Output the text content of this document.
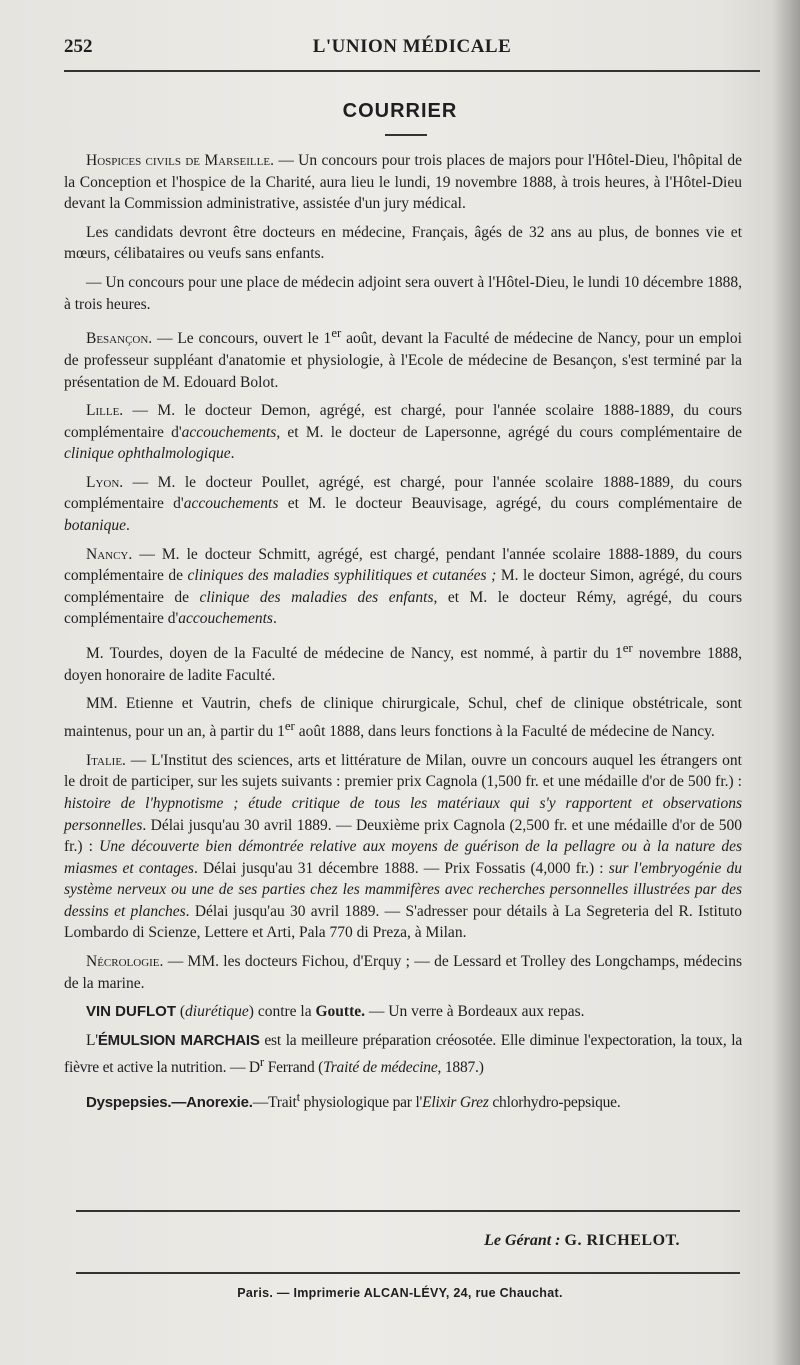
252	L'UNION MÉDICALE
COURRIER

Hospices civils de Marseille. — Un concours pour trois places de majors pour l'Hôtel-Dieu, l'hôpital de la Conception et l'hospice de la Charité, aura lieu le lundi, 19 novembre 1888, à trois heures, à l'Hôtel-Dieu devant la Commission administrative, assistée d'un jury médical.

Les candidats devront être docteurs en médecine, Français, âgés de 32 ans au plus, de bonnes vie et mœurs, célibataires ou veufs sans enfants.

— Un concours pour une place de médecin adjoint sera ouvert à l'Hôtel-Dieu, le lundi 10 décembre 1888, à trois heures.

Besançon. — Le concours, ouvert le 1er août, devant la Faculté de médecine de Nancy, pour un emploi de professeur suppléant d'anatomie et physiologie, à l'Ecole de médecine de Besançon, s'est terminé par la présentation de M. Edouard Bolot.

Lille. — M. le docteur Demon, agrégé, est chargé, pour l'année scolaire 1888-1889, du cours complémentaire d'accouchements, et M. le docteur de Lapersonne, agrégé du cours complémentaire de clinique ophthalmologique.

Lyon. — M. le docteur Poullet, agrégé, est chargé, pour l'année scolaire 1888-1889, du cours complémentaire d'accouchements et M. le docteur Beauvisage, agrégé, du cours complémentaire de botanique.

Nancy. — M. le docteur Schmitt, agrégé, est chargé, pendant l'année scolaire 1888-1889, du cours complémentaire de cliniques des maladies syphilitiques et cutanées ; M. le docteur Simon, agrégé, du cours complémentaire de clinique des maladies des enfants, et M. le docteur Rémy, agrégé, du cours complémentaire d'accouchements.

M. Tourdes, doyen de la Faculté de médecine de Nancy, est nommé, à partir du 1er novembre 1888, doyen honoraire de ladite Faculté.

MM. Etienne et Vautrin, chefs de clinique chirurgicale, Schul, chef de clinique obstétricale, sont maintenus, pour un an, à partir du 1er août 1888, dans leurs fonctions à la Faculté de médecine de Nancy.

Italie. — L'Institut des sciences, arts et littérature de Milan, ouvre un concours auquel les étrangers ont le droit de participer, sur les sujets suivants : premier prix Cagnola (1,500 fr. et une médaille d'or de 500 fr.) : histoire de l'hypnotisme ; étude critique de tous les matériaux qui s'y rapportent et observations personnelles. Délai jusqu'au 30 avril 1889. — Deuxième prix Cagnola (2,500 fr. et une médaille d'or de 500 fr.) : Une découverte bien démontrée relative aux moyens de guérison de la pellagre ou à la nature des miasmes et contages. Délai jusqu'au 31 décembre 1888. — Prix Fossatis (4,000 fr.) : sur l'embryogénie du système nerveux ou une de ses parties chez les mammifères avec recherches personnelles illustrées par des dessins et planches. Délai jusqu'au 30 avril 1889. — S'adresser pour détails à La Segreteria del R. Istituto Lombardo di Scienze, Lettere et Arti, Pala 770 di Preza, à Milan.

Nécrologie. — MM. les docteurs Fichou, d'Erquy ; — de Lessard et Trolley des Longchamps, médecins de la marine.

VIN DUFLOT (diurétique) contre la Goutte. — Un verre à Bordeaux aux repas.

L'ÉMULSION MARCHAIS est la meilleure préparation créosotée. Elle diminue l'expectoration, la toux, la fièvre et active la nutrition. — $D^r$ Ferrand (Traité de médecine, 1887.)

Dyspepsies.—Anorexie.—Trait$^t$ physiologique par l'Elixir Grez chlorhydro-pepsique.

Le Gérant : G. RICHELOT.
Paris. — Imprimerie ALCAN-LÉVY, 24, rue Chauchat.
